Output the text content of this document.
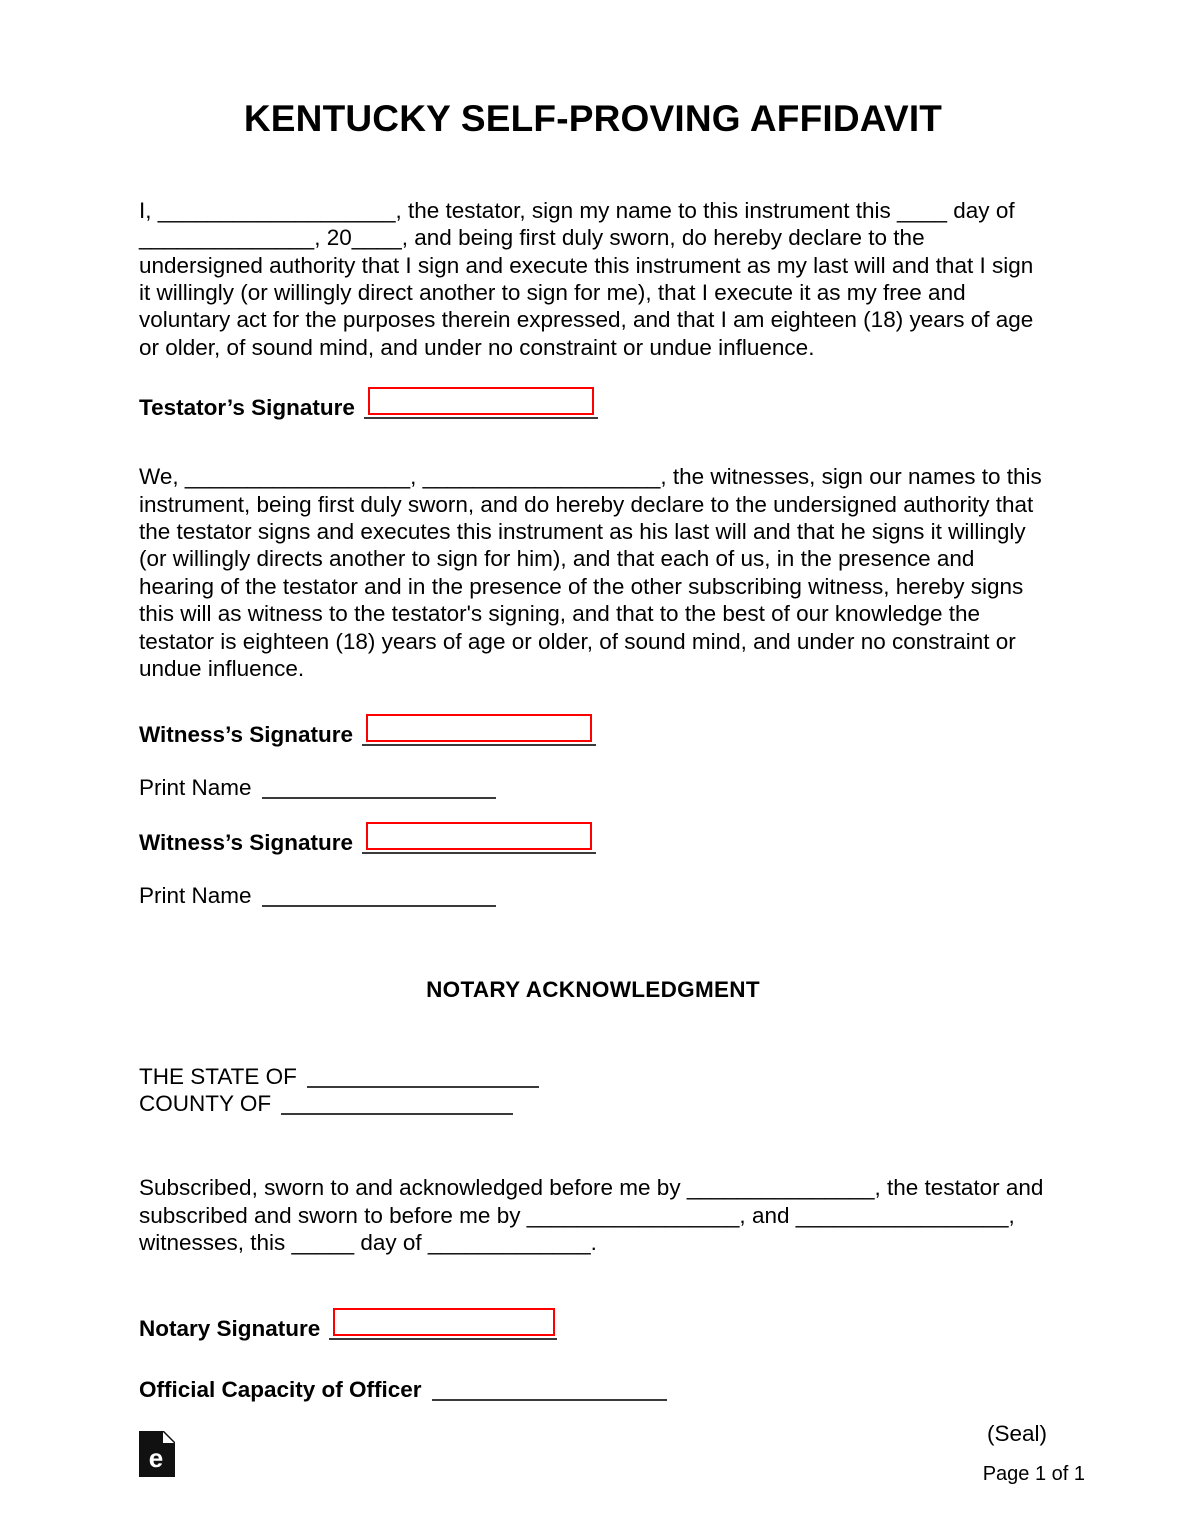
KENTUCKY SELF-PROVING AFFIDAVIT

I, ___________________, the testator, sign my name to this instrument this ____ day of ______________, 20____, and being first duly sworn, do hereby declare to the undersigned authority that I sign and execute this instrument as my last will and that I sign it willingly (or willingly direct another to sign for me), that I execute it as my free and voluntary act for the purposes therein expressed, and that I am eighteen (18) years of age or older, of sound mind, and under no constraint or undue influence.

Testator’s Signature

We, __________________, ___________________, the witnesses, sign our names to this instrument, being first duly sworn, and do hereby declare to the undersigned authority that the testator signs and executes this instrument as his last will and that he signs it willingly (or willingly directs another to sign for him), and that each of us, in the presence and hearing of the testator and in the presence of the other subscribing witness, hereby signs this will as witness to the testator's signing, and that to the best of our knowledge the testator is eighteen (18) years of age or older, of sound mind, and under no constraint or undue influence.

Witness’s Signature
Print Name
Witness’s Signature
Print Name
NOTARY ACKNOWLEDGMENT
THE STATE OF
COUNTY OF

Subscribed, sworn to and acknowledged before me by _______________, the testator and subscribed and sworn to before me by _________________, and _________________, witnesses, this _____ day of _____________.

Notary Signature
Official Capacity of Officer
(Seal)
e
Page 1 of 1
